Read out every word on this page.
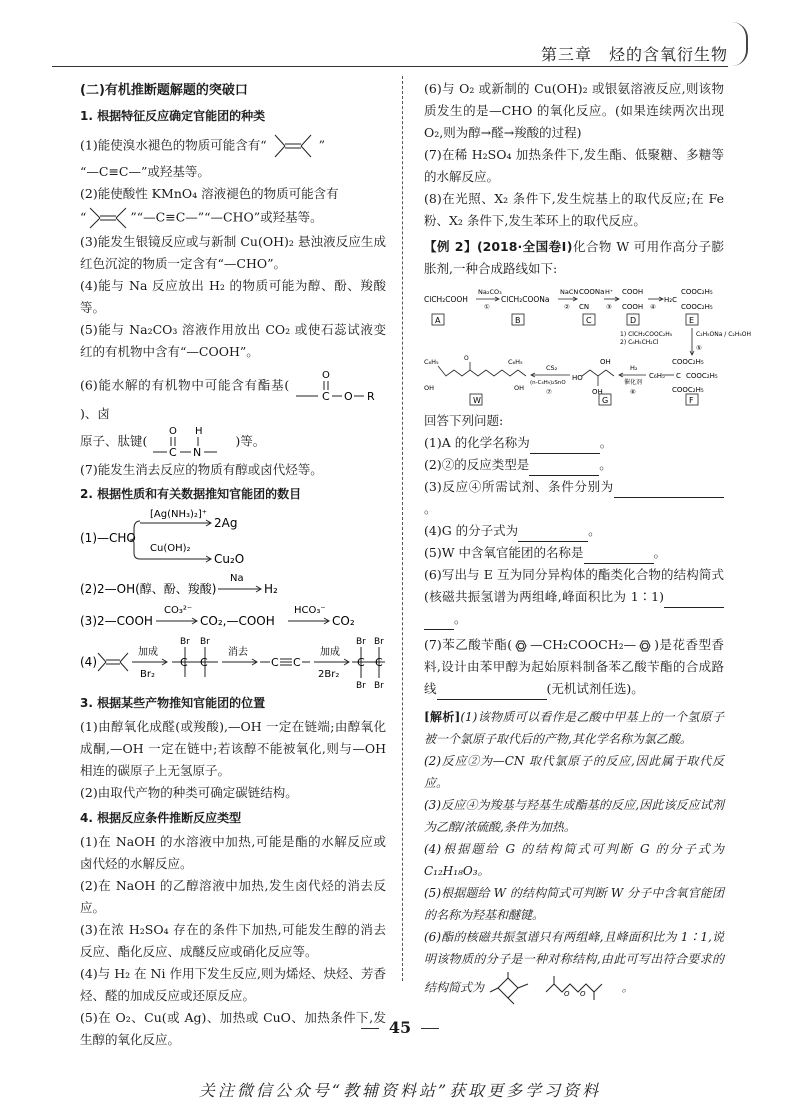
第三章　烃的含氧衍生物
(二)有机推断题解题的突破口
1. 根据特征反应确定官能团的种类

(1)能使溴水褪色的物质可能含有“	”

“—C≡C—”或羟基等。

(2)能使酸性 KMnO₄ 溶液褪色的物质可能含有

“	”“—C≡C—”“—CHO”或羟基等。

(3)能发生银镜反应或与新制 Cu(OH)₂ 悬浊液反应生成红色沉淀的物质一定含有“—CHO”。

(4)能与 Na 反应放出 H₂ 的物质可能为醇、酚、羧酸等。

(5)能与 Na₂CO₃ 溶液作用放出 CO₂ 或使石蕊试液变红的有机物中含有“—COOH”。

(6)能水解的有机物中可能含有酯基(
O
C O R
)、卤

原子、肽键(
O H
C N
)等。

(7)能发生消去反应的物质有醇或卤代烃等。

2. 根据性质和有关数据推知官能团的数目
(1)—CHO
[Ag(NH₃)₂]⁺
2Ag
Cu(OH)₂
Cu₂O
(2)2—OH(醇、酚、羧酸)
Na
H₂
(3)2—COOH
CO₃²⁻
CO₂,—COOH
HCO₃⁻
CO₂
(4)
加成
Br₂
Br Br
C C
消去
C C
加成
2Br₂
Br Br
Br Br
C C
3. 根据某些产物推知官能团的位置

(1)由醇氧化成醛(或羧酸),—OH 一定在链端;由醇氧化成酮,—OH 一定在链中;若该醇不能被氧化,则与—OH 相连的碳原子上无氢原子。

(2)由取代产物的种类可确定碳链结构。

4. 根据反应条件推断反应类型

(1)在 NaOH 的水溶液中加热,可能是酯的水解反应或卤代烃的水解反应。

(2)在 NaOH 的乙醇溶液中加热,发生卤代烃的消去反应。

(3)在浓 H₂SO₄ 存在的条件下加热,可能发生醇的消去反应、酯化反应、成醚反应或硝化反应等。

(4)与 H₂ 在 Ni 作用下发生反应,则为烯烃、炔烃、芳香烃、醛的加成反应或还原反应。

(5)在 O₂、Cu(或 Ag)、加热或 CuO、加热条件下,发生醇的氧化反应。

(6)与 O₂ 或新制的 Cu(OH)₂ 或银氨溶液反应,则该物质发生的是—CHO 的氧化反应。(如果连续两次出现 O₂,则为醇→醛→羧酸的过程)

(7)在稀 H₂SO₄ 加热条件下,发生酯、低聚糖、多糖等的水解反应。

(8)在光照、X₂ 条件下,发生烷基上的取代反应;在 Fe 粉、X₂ 条件下,发生苯环上的取代反应。

【例 2】(2018·全国卷Ⅰ)化合物 W 可用作高分子膨胀剂,一种合成路线如下:

ClCH₂COOH
Na₂CO₃
①
ClCH₂COONa
NaCN
②
COONa
CN
H⁺
③
COOH
COOH ④
H₂C
COOC₂H₅
COOC₂H₅
A	B	C	D	E
1) ClCH₂COOC₂H₅
2) C₆H₅CH₂Cl
C₂H₅ONa / C₂H₅OH
⑤
COOC₂H₅
C₆H₅ C COOC₂H₅
COOC₂H₅
F
H₂
催化剂
⑥
OH
OH
HO
G
CS₂
(n-C₄H₉)₂SnO
⑦
C₆H₅
OH
O	C₆H₅
OH
W

回答下列问题:

(1)A 的化学名称为	。

(2)②的反应类型是	。

(3)反应④所需试剂、条件分别为。

(4)G 的分子式为	。

(5)W 中含氧官能团的名称是	。

(6)写出与 E 互为同分异构体的酯类化合物的结构简式(核磁共振氢谱为两组峰,峰面积比为 1∶1)。

(7)苯乙酸苄酯( —CH₂COOCH₂— )是花香型香料,设计由苯甲醇为起始原料制备苯乙酸苄酯的合成路线	(无机试剂任选)。

[解析](1)该物质可以看作是乙酸中甲基上的一个氢原子被一个氯原子取代后的产物,其化学名称为氯乙酸。

(2)反应②为—CN 取代氯原子的反应,因此属于取代反应。

(3)反应④为羧基与羟基生成酯基的反应,因此该反应试剂为乙醇/浓硫酸,条件为加热。

(4)根据题给 G 的结构简式可判断 G 的分子式为 C₁₂H₁₈O₃。

(5)根据题给 W 的结构简式可判断 W 分子中含氧官能团的名称为羟基和醚键。

(6)酯的核磁共振氢谱只有两组峰,且峰面积比为 1∶1,说明该物质的分子是一种对称结构,由此可写出符合要求的结构简式为	O O	。

45
关注微信公众号“教辅资料站”获取更多学习资料
